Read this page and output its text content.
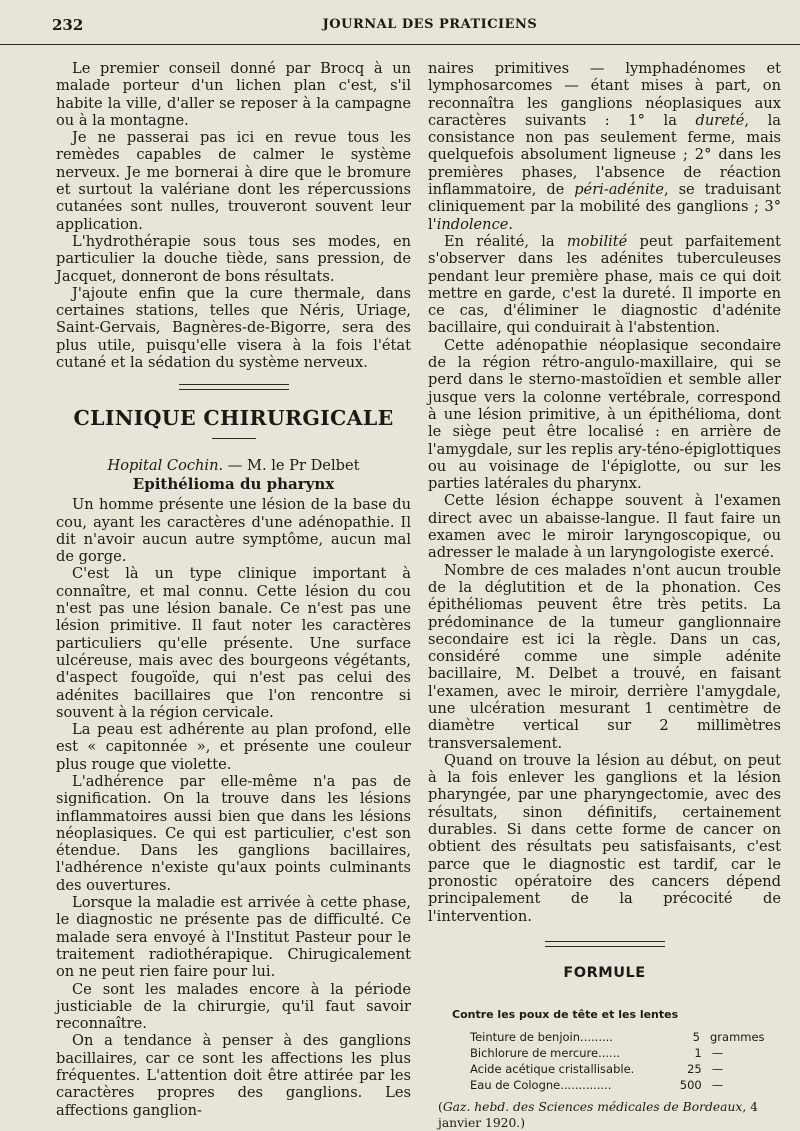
232	JOURNAL DES PRATICIENS

Le premier conseil donné par Brocq à un malade porteur d'un lichen plan c'est, s'il habite la ville, d'aller se reposer à la campagne ou à la montagne.

Je ne passerai pas ici en revue tous les remèdes capables de calmer le système nerveux. Je me bornerai à dire que le bromure et surtout la valériane dont les répercussions cutanées sont nulles, trouveront souvent leur application.

L'hydrothérapie sous tous ses modes, en particulier la douche tiède, sans pression, de Jacquet, donneront de bons résultats.

J'ajoute enfin que la cure thermale, dans certaines stations, telles que Néris, Uriage, Saint-Gervais, Bagnères-de-Bigorre, sera des plus utile, puisqu'elle visera à la fois l'état cutané et la sédation du système nerveux.

CLINIQUE CHIRURGICALE
Hopital Cochin. — M. le Pr Delbet
Epithélioma du pharynx

Un homme présente une lésion de la base du cou, ayant les caractères d'une adénopathie. Il dit n'avoir aucun autre symptôme, aucun mal de gorge.

C'est là un type clinique important à connaître, et mal connu. Cette lésion du cou n'est pas une lésion banale. Ce n'est pas une lésion primitive. Il faut noter les caractères particuliers qu'elle présente. Une surface ulcéreuse, mais avec des bourgeons végétants, d'aspect fougoïde, qui n'est pas celui des adénites bacillaires que l'on rencontre si souvent à la région cervicale.

La peau est adhérente au plan profond, elle est « capitonnée », et présente une couleur plus rouge que violette.

L'adhérence par elle-même n'a pas de signification. On la trouve dans les lésions inflammatoires aussi bien que dans les lésions néoplasiques. Ce qui est particulier, c'est son étendue. Dans les ganglions bacillaires, l'adhérence n'existe qu'aux points culminants des ouvertures.

Lorsque la maladie est arrivée à cette phase, le diagnostic ne présente pas de difficulté. Ce malade sera envoyé à l'Institut Pasteur pour le traitement radiothérapique. Chirugicalement on ne peut rien faire pour lui.

Ce sont les malades encore à la période justiciable de la chirurgie, qu'il faut savoir reconnaître.

On a tendance à penser à des ganglions bacillaires, car ce sont les affections les plus fréquentes. L'attention doit être attirée par les caractères propres des ganglions. Les affections ganglion-

naires primitives — lymphadénomes et lymphosarcomes — étant mises à part, on reconnaîtra les ganglions néoplasiques aux caractères suivants : 1° la dureté, la consistance non pas seulement ferme, mais quelquefois absolument ligneuse ; 2° dans les premières phases, l'absence de réaction inflammatoire, de péri-adénite, se traduisant cliniquement par la mobilité des ganglions ; 3° l'indolence.

En réalité, la mobilité peut parfaitement s'observer dans les adénites tuberculeuses pendant leur première phase, mais ce qui doit mettre en garde, c'est la dureté. Il importe en ce cas, d'éliminer le diagnostic d'adénite bacillaire, qui conduirait à l'abstention.

Cette adénopathie néoplasique secondaire de la région rétro-angulo-maxillaire, qui se perd dans le sterno-mastoïdien et semble aller jusque vers la colonne vertébrale, correspond à une lésion primitive, à un épithélioma, dont le siège peut être localisé : en arrière de l'amygdale, sur les replis ary-téno-épiglottiques ou au voisinage de l'épiglotte, ou sur les parties latérales du pharynx.

Cette lésion échappe souvent à l'examen direct avec un abaisse-langue. Il faut faire un examen avec le miroir laryngoscopique, ou adresser le malade à un laryngologiste exercé.

Nombre de ces malades n'ont aucun trouble de la déglutition et de la phonation. Ces épithéliomas peuvent être très petits. La prédominance de la tumeur ganglionnaire secondaire est ici la règle. Dans un cas, considéré comme une simple adénite bacillaire, M. Delbet a trouvé, en faisant l'examen, avec le miroir, derrière l'amygdale, une ulcération mesurant 1 centimètre de diamètre vertical sur 2 millimètres transversalement.

Quand on trouve la lésion au début, on peut à la fois enlever les ganglions et la lésion pharyngée, par une pharyngectomie, avec des résultats, sinon définitifs, certainement durables. Si dans cette forme de cancer on obtient des résultats peu satisfaisants, c'est parce que le diagnostic est tardif, car le pronostic opératoire des cancers dépend principalement de la précocité de l'intervention.

FORMULE
Contre les poux de tête et les lentes
Teinture de benjoin.........	5 grammes
Bichlorure de mercure......	1 —
Acide acétique cristallisable.	25 —
Eau de Cologne..............	500 —

(Gaz. hebd. des Sciences médicales de Bordeaux, 4 janvier 1920.)
